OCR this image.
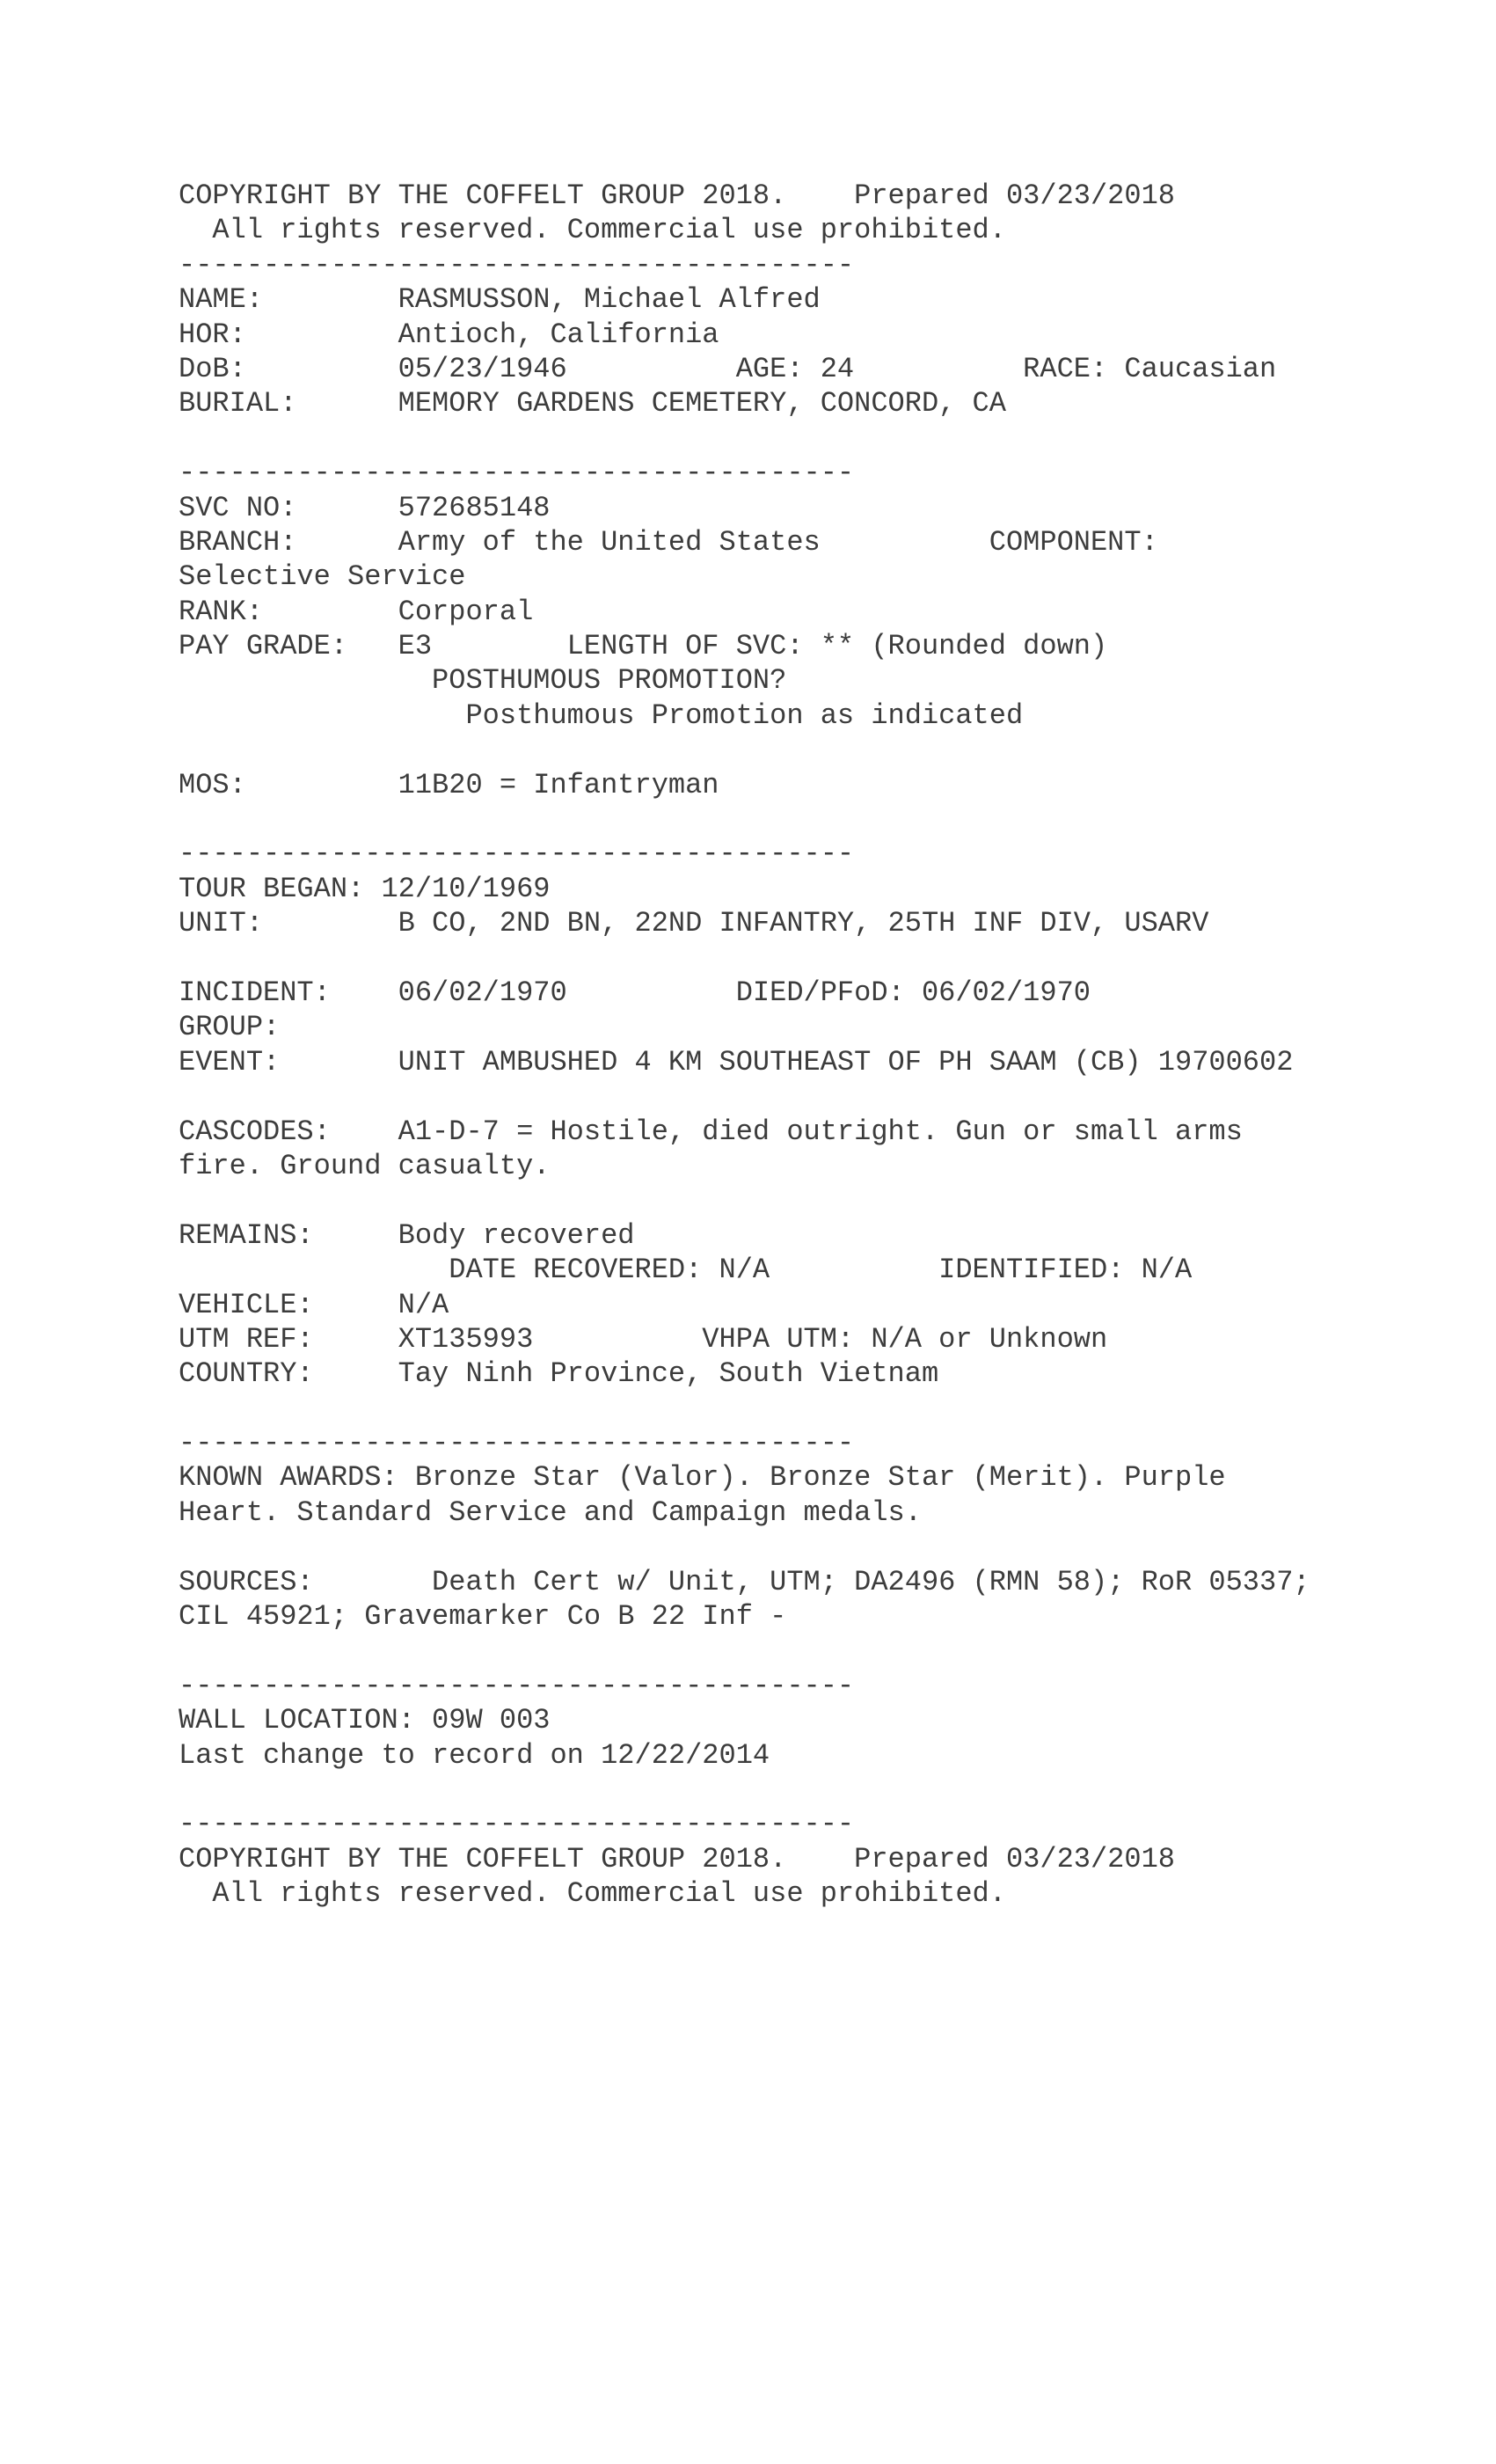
COPYRIGHT BY THE COFFELT GROUP 2018.    Prepared 03/23/2018
All rights reserved. Commercial use prohibited.
----------------------------------------
NAME:        RASMUSSON, Michael Alfred
HOR:         Antioch, California
DoB:         05/23/1946          AGE: 24          RACE: Caucasian
BURIAL:      MEMORY GARDENS CEMETERY, CONCORD, CA
----------------------------------------
SVC NO:      572685148
BRANCH:      Army of the United States          COMPONENT:
Selective Service
RANK:        Corporal
PAY GRADE:   E3        LENGTH OF SVC: ** (Rounded down)
POSTHUMOUS PROMOTION?
Posthumous Promotion as indicated
MOS:         11B20 = Infantryman
----------------------------------------
TOUR BEGAN: 12/10/1969
UNIT:        B CO, 2ND BN, 22ND INFANTRY, 25TH INF DIV, USARV
INCIDENT:    06/02/1970          DIED/PFoD: 06/02/1970
GROUP:
EVENT:       UNIT AMBUSHED 4 KM SOUTHEAST OF PH SAAM (CB) 19700602
CASCODES:    A1-D-7 = Hostile, died outright. Gun or small arms
fire. Ground casualty.
REMAINS:     Body recovered
DATE RECOVERED: N/A          IDENTIFIED: N/A
VEHICLE:     N/A
UTM REF:     XT135993          VHPA UTM: N/A or Unknown
COUNTRY:     Tay Ninh Province, South Vietnam
----------------------------------------
KNOWN AWARDS: Bronze Star (Valor). Bronze Star (Merit). Purple
Heart. Standard Service and Campaign medals.
SOURCES:       Death Cert w/ Unit, UTM; DA2496 (RMN 58); RoR 05337;
CIL 45921; Gravemarker Co B 22 Inf -
----------------------------------------
WALL LOCATION: 09W 003
Last change to record on 12/22/2014
----------------------------------------
COPYRIGHT BY THE COFFELT GROUP 2018.    Prepared 03/23/2018
All rights reserved. Commercial use prohibited.
